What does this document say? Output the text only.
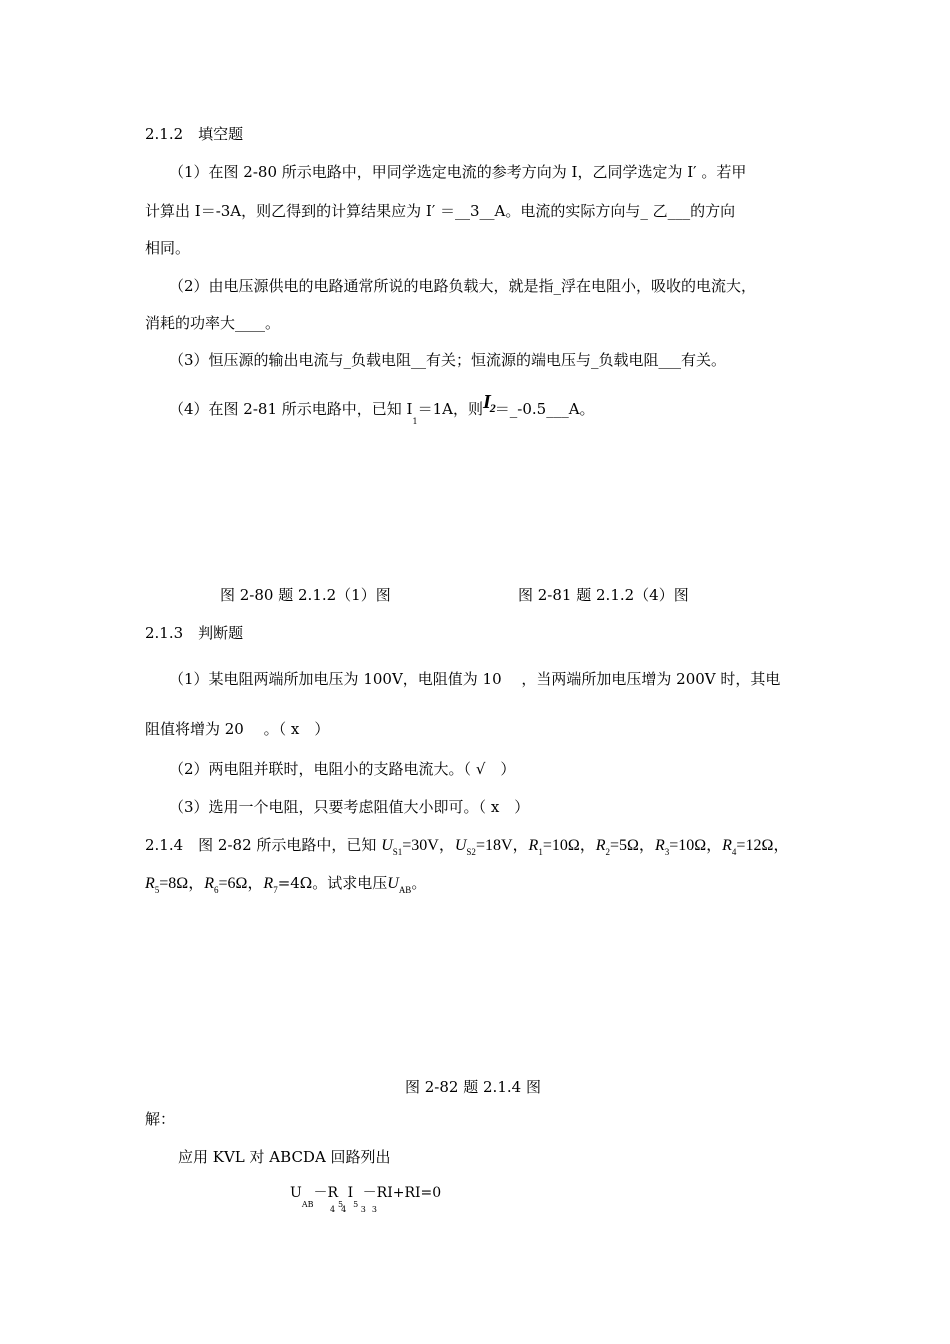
2.1.2　填空题
（1）在图 2-80 所示电路中，甲同学选定电流的参考方向为 I，乙同学选定为 I′ 。若甲
计算出 I＝-3A，则乙得到的计算结果应为 I′ ＝__3__A。电流的实际方向与_ 乙___的方向
相同。
（2）由电压源供电的电路通常所说的电路负载大，就是指_浮在电阻小，吸收的电流大，
消耗的功率大____。
（3）恒压源的输出电流与_负载电阻__有关；恒流源的端电压与_负载电阻___有关。
（4）在图 2-81 所示电路中，已知 $I_1=1A$，则$I_2=\_-0.5\_\_\_A$。
图 2-80 题 2.1.2（1）图	图 2-81 题 2.1.2（4）图
2.1.3　判断题
（1）某电阻两端所加电压为 100V，电阻值为 10　 ，当两端所加电压增为 200V 时，其电
阻值将增为 20　 。（ x　）
（2）两电阻并联时，电阻小的支路电流大。（ √　）
（3）选用一个电阻，只要考虑阻值大小即可。（ x　）
2.1.4　图 2-82 所示电路中，已知 $U_{S1}=30V$，$U_{S2}=18V$，$R_1=10\Omega$，$R_2=5\Omega$，$R_3=10\Omega$，$R_4=12\Omega$，
$R_5=8\Omega$，$R_6=6\Omega$，$R_7=4\Omega$。试求电压$U_{AB}$。
图 2-82 题 2.1.4 图
解：
应用 KVL 对 ABCDA 回路列出
UAB－R5 I5 －RI+RI=0
44 33
